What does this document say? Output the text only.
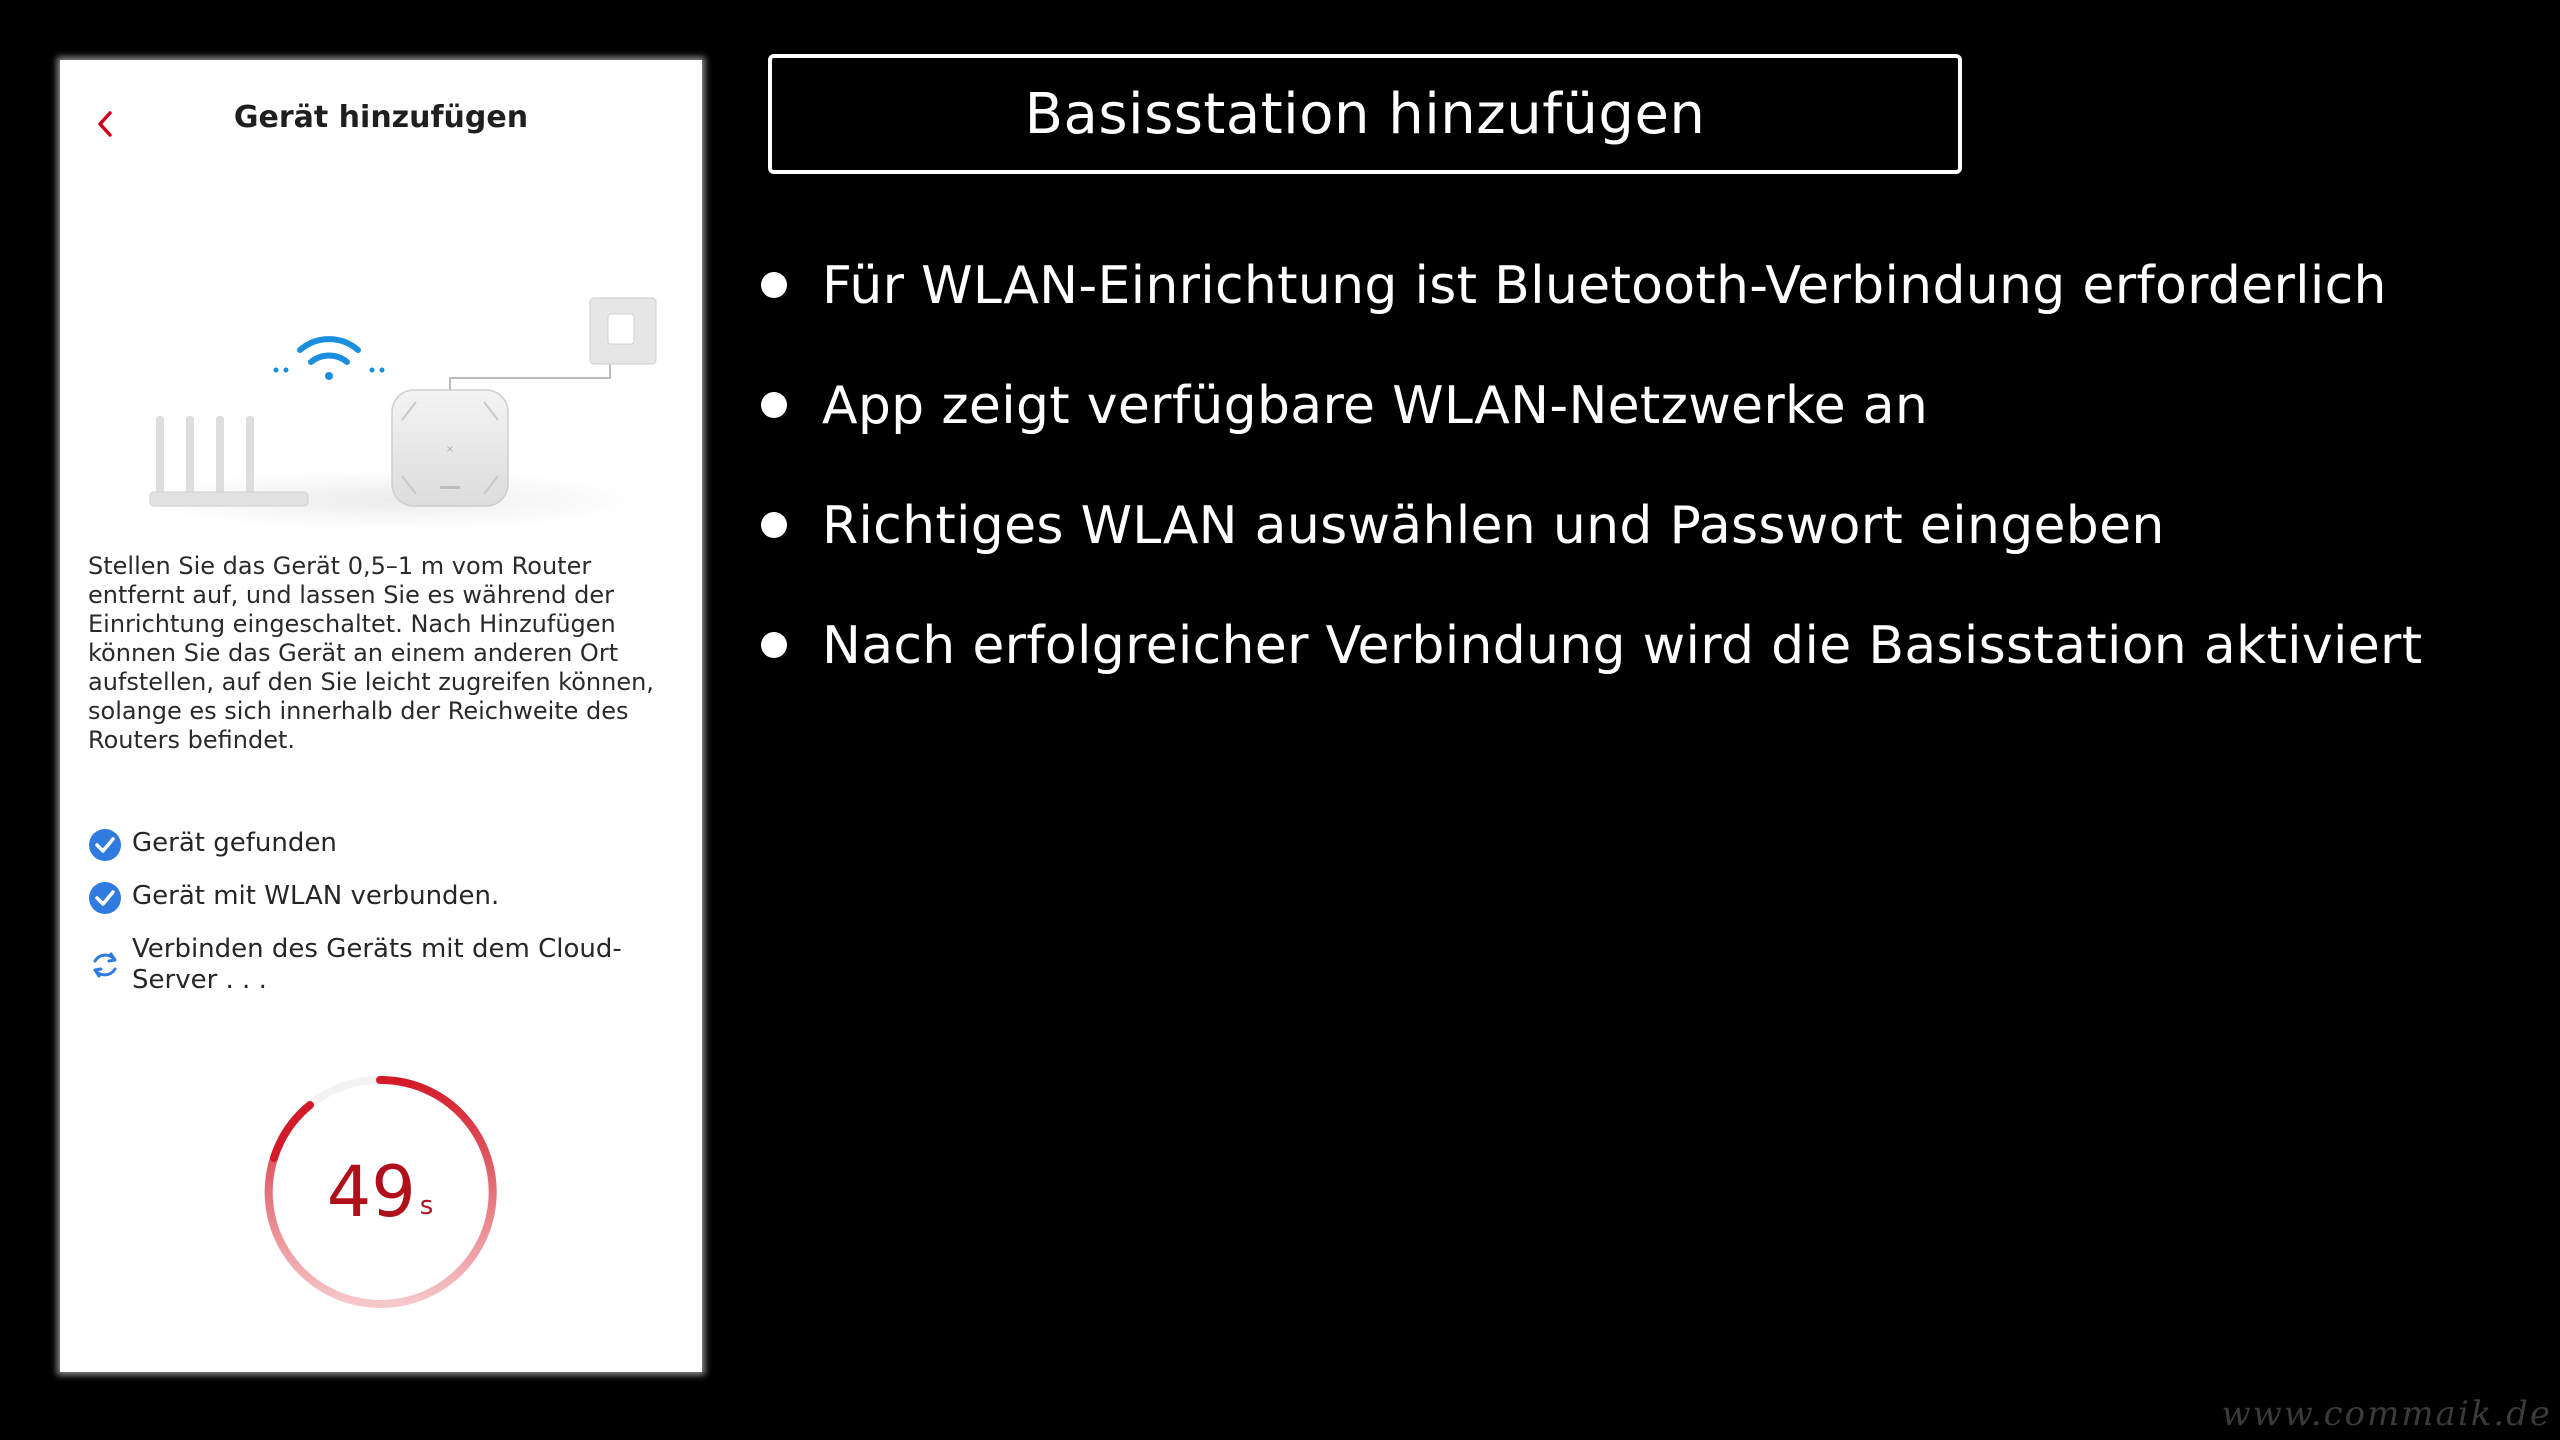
Gerät hinzufügen
×
Stellen Sie das Gerät 0,5–1 m vom Router entfernt auf, und lassen Sie es während der Einrichtung eingeschaltet. Nach Hinzufügen können Sie das Gerät an einem anderen Ort aufstellen, auf den Sie leicht zugreifen können, solange es sich innerhalb der Reichweite des Routers befindet.
Gerät gefunden
Gerät mit WLAN verbunden.
Verbinden des Geräts mit dem Cloud-Server . . .
49 s
Basisstation hinzufügen
Für WLAN-Einrichtung ist Bluetooth-Verbindung erforderlich
App zeigt verfügbare WLAN-Netzwerke an
Richtiges WLAN auswählen und Passwort eingeben
Nach erfolgreicher Verbindung wird die Basisstation aktiviert
www.commaik.de
